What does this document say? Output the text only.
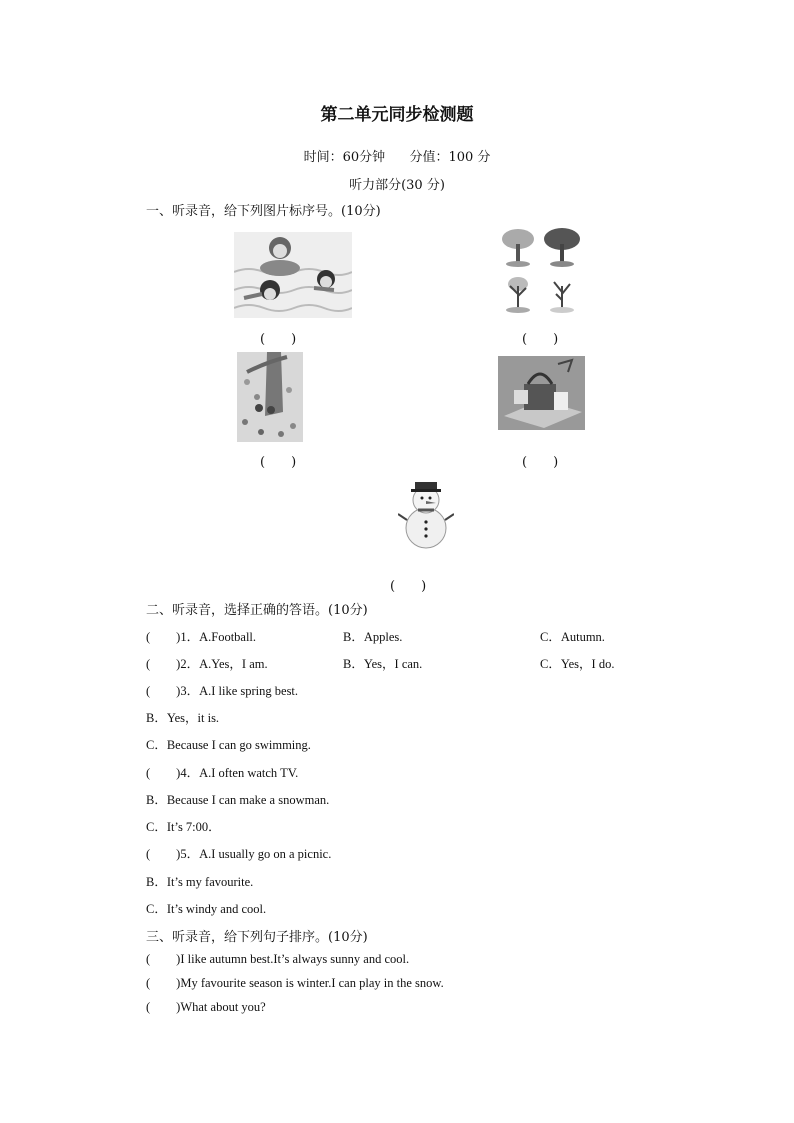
第二单元同步检测题
时间：60分钟 分值：100 分
听力部分(30 分)
一、听录音，给下列图片标序号。(10分)
(　　)	(　　)
(　　)	(　　)
(　　)
二、听录音，选择正确的答语。(10分)
( )1．A.Football.	B．Apples.	C．Autumn.
( )2．A.Yes，I am.	B．Yes，I can.	C．Yes，I do.
( )3．A.I like spring best.
B．Yes，it is.
C．Because I can go swimming.
( )4．A.I often watch TV.
B．Because I can make a snowman.
C．It’s 7:00．
( )5．A.I usually go on a picnic.
B．It’s my favourite.
C．It’s windy and cool.
三、听录音，给下列句子排序。(10分)
( )I like autumn best.It’s always sunny and cool.
( )My favourite season is winter.I can play in the snow.
( )What about you?
